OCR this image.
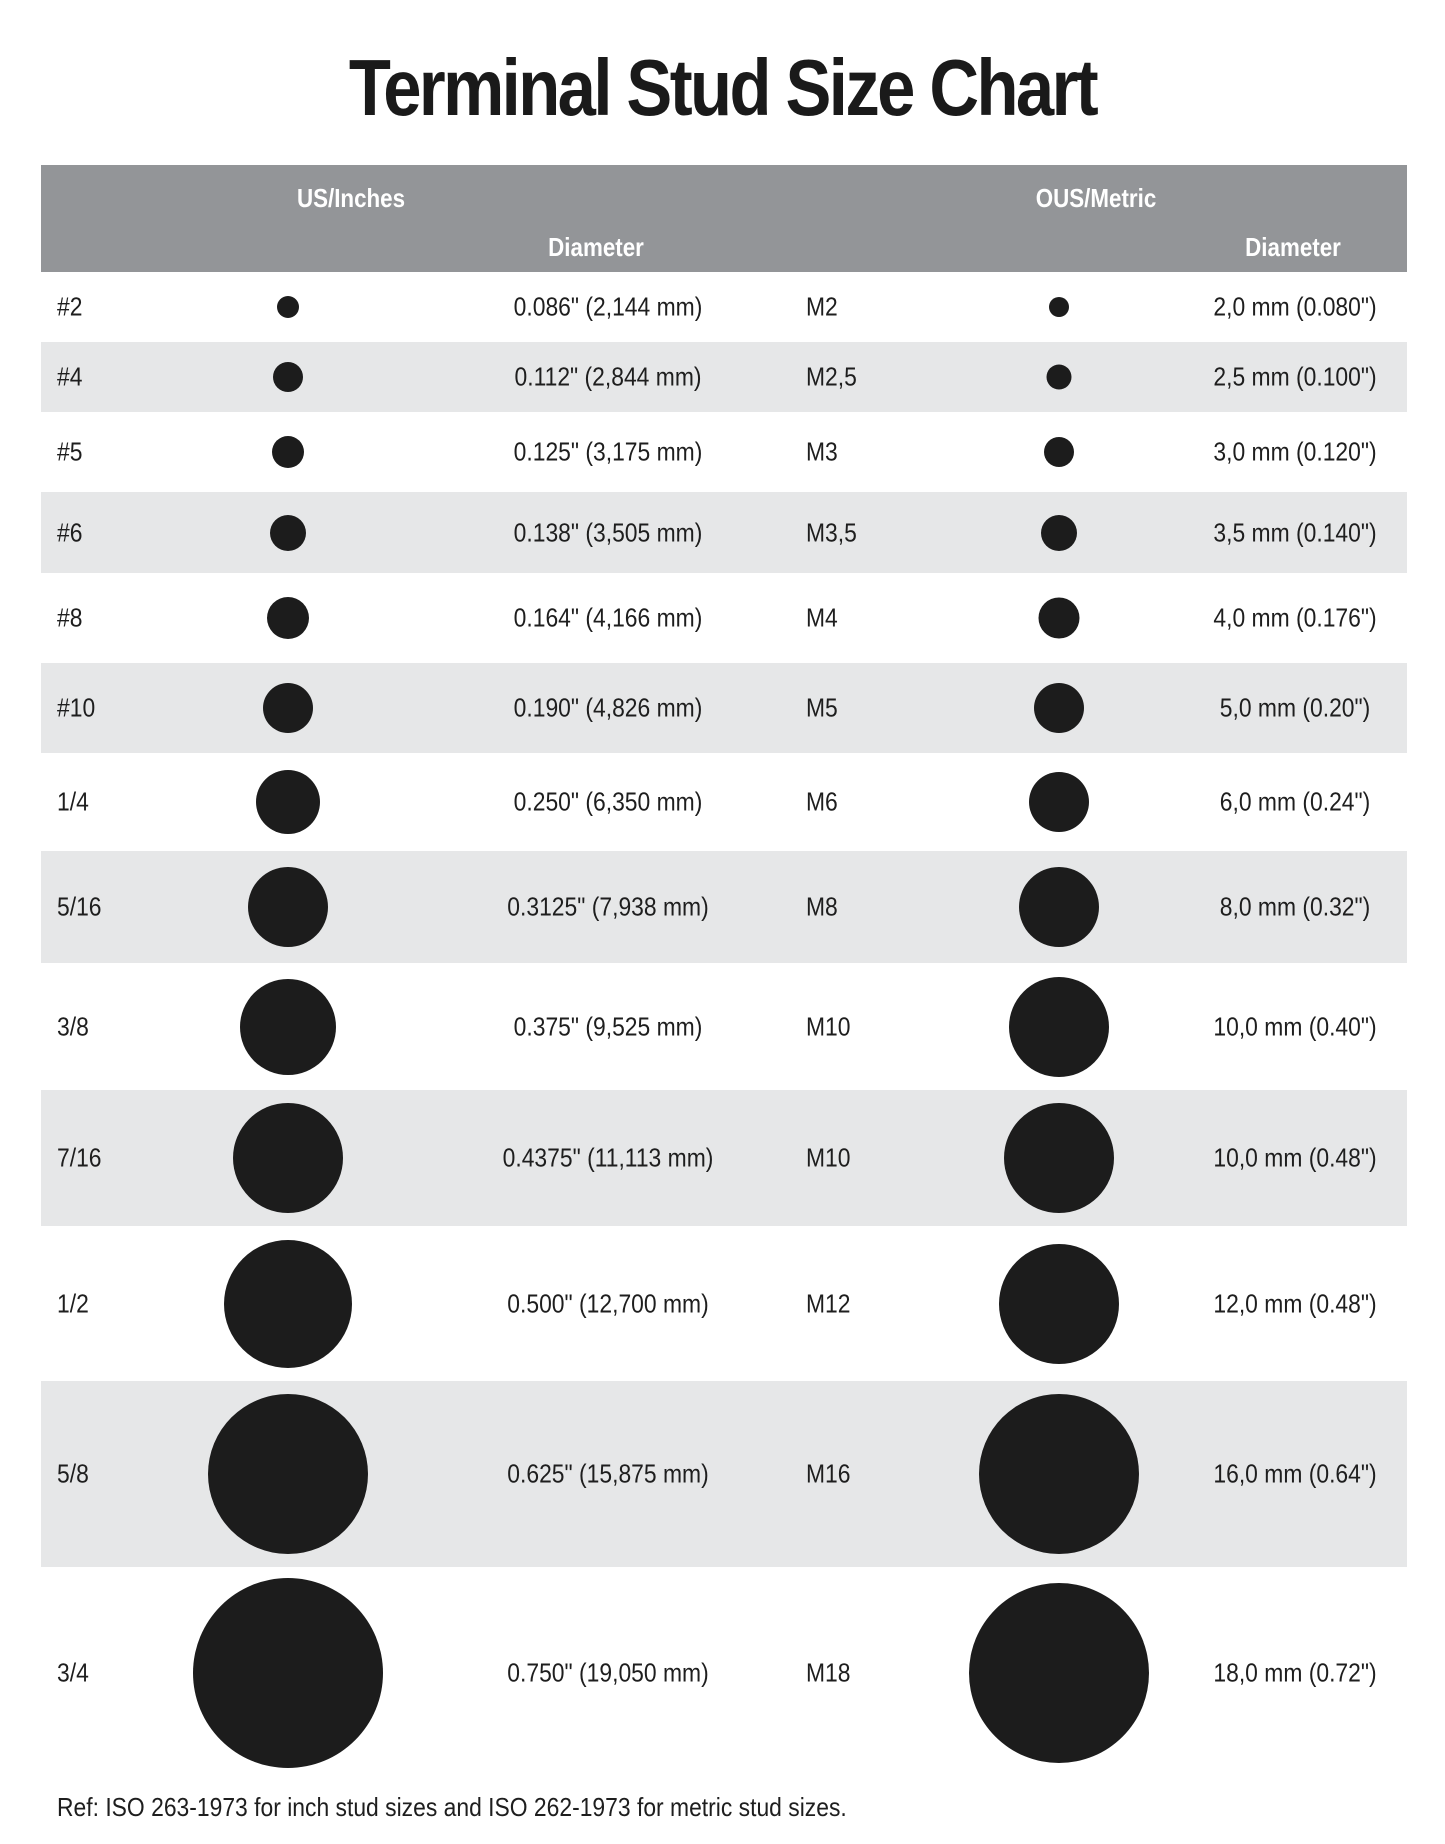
Terminal Stud Size Chart
US/Inches
Diameter
OUS/Metric
Diameter
#2	0.086" (2,144 mm)	M2	2,0 mm (0.080")
#4	0.112" (2,844 mm)	M2,5	2,5 mm (0.100")
#5	0.125" (3,175 mm)	M3	3,0 mm (0.120")
#6	0.138" (3,505 mm)	M3,5	3,5 mm (0.140")
#8	0.164" (4,166 mm)	M4	4,0 mm (0.176")
#10	0.190" (4,826 mm)	M5	5,0 mm (0.20")
1/4	0.250" (6,350 mm)	M6	6,0 mm (0.24")
5/16	0.3125" (7,938 mm)	M8	8,0 mm (0.32")
3/8	0.375" (9,525 mm)	M10	10,0 mm (0.40")
7/16	0.4375" (11,113 mm)	M10	10,0 mm (0.48")
1/2	0.500" (12,700 mm)	M12	12,0 mm (0.48")
5/8	0.625" (15,875 mm)	M16	16,0 mm (0.64")
3/4	0.750" (19,050 mm)	M18	18,0 mm (0.72")
Ref: ISO 263-1973 for inch stud sizes and ISO 262-1973 for metric stud sizes.
